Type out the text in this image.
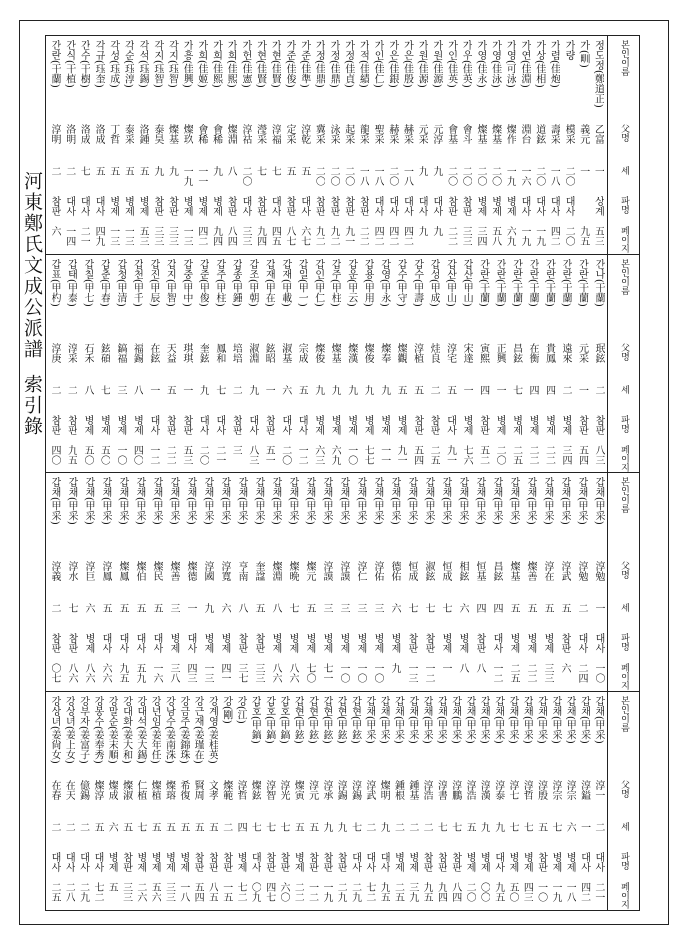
河東鄭氏文成公派譜
索引錄
본인이름
父명
세
파명
페이지
정도정(鄭道正)
乙富
一
상계
五三
가(甽)
義元
一
九五
가량
模采
二〇
대사
二〇
가렴(佳炮)
壽采
一八
대사
四二
가상(佳相)
道鉉
二〇
대사
一九
가연(佳淵)
淵台
一六
대사
一九
가영(可泳)
燦作
一九
병제
六九
가영(佳泳)
燦基
二〇
병제
五八
가영(佳永)
燦基
二〇
병제
三四
가우(佳英)
會斗
二〇
참판
三三
가인(佳英)
會基
二〇
참판
二二
가원(佳源)
元淳
九
대사
九
가원(佳源)
元采
九
대사
九
가은(佳殷)
赫采
一八
대사
四二
가은(佳銀)
赫采
二〇
대사
四二
가인(佳仁)
聖采
一八
대사
四二
가적(佳績)
龍采
一八
참판
二二
가정(佳貞)
起采
二〇
참판
九一
가정(佳鼎)
泳采
二〇
참판
九二
가정(佳鼎)
冀采
二〇
참판
九二
가준(佳準)
淳乾
五
대사
六七
가준(佳俊)
定采
五
참판
八七
가현(佳賢)
淳福
七
대사
四五
가현(佳賢)
瀅采
七
참판
九四
가헌(佳憲)
淳祜
二〇
대사
三三
가희(佳熙)
燦淵
八
참판
八四
가희(佳熙)
會稀
九
병제
九四
가희(佳姬)
會稀
一一
병제
四二
가흥(佳興)
燦玖
一九
병제
一三
각지(珏智)
燦基
九
참판
三三
각지(珏智)
泰昊
九
참판
三三
각석(珏錫)
洛鍾
五
병제
五三
각순(珏淳)
泰采
五
병제
一三
각성(珏成)
丁哲
五
병제
一三
각규(珏奎)
洛成
五
대사
四九
간수(干樹)
洛成
七
대사
二一
간식(干植)
洛明
二
대사
一四
간란(干蘭)
淳明
二
참판
六
본인이름
父명
세
파명
페이지
간나(干蘭)
珉鉉
二
참판
八三
간란(干蘭)
元采
一
참판
五四
간란(干蘭)
遠來
二
병제
三四
간란(干蘭)
貴鳳
四
병제
二二
간란(干蘭)
在衡
四
병제
二二
간란(干蘭)
昌鉉
七
병제
二五
간란(干蘭)
正興
一
병제
二〇
간란(干蘭)
寅熙
四
참판
五二
갑산(甲山)
宋達
一
병제
七六
갑산(甲山)
淳宅
五
대사
九一
갑성(甲成)
烓良
二
참판
二五
갑수(甲壽)
淳植
五
참판
五四
갑수(甲守)
燦觀
五
병제
九一
갑영(甲永)
燦奉
九
병제
一一
갑용(甲用)
燦俊
九
병제
七七
갑운(甲云)
燦漢
九
병제
一〇
갑주(甲柱)
燦基
九
병제
六九
갑인(甲仁)
燦俊
九
병제
六三
갑일(甲一)
宗成
五
대사
一二
갑재(甲載)
淑基
六
대사
二〇
갑재(甲在)
鉉昭
一
참판
五一
갑조(甲朝)
淑淵
九
대사
八三
갑종(甲鍾)
培培
二
참판
三
갑주(甲柱)
鳳和
七
대사
二一
갑준(甲俊)
奎鉉
九
대사
二〇
갑중(甲中)
琪琪
一
참판
五三
갑지(甲智)
天益
五
참판
二二
갑진(甲辰)
在鉉
一
대사
一二
갑천(甲千)
福錫
八
병제
四〇
갑청(甲清)
鎬福
三
병제
一〇
갑춘(甲春)
鉉碩
七
병제
五〇
갑칠(甲七)
石禾
八
병제
五〇
갑태(甲泰)
淳采
二
참판
九五
갑표(甲杓)
淳庚
二
참판
四〇
본인이름
父명
세
파명
페이지
갑채(甲采)
淳勉
一
대사
一〇
갑채(甲采)
淳勉
二
대사
二四
갑채(甲采)
淳武
五
참판
六
갑채(甲采)
淳在
五
병제
三三
갑채(甲采)
燦善
五
병제
二二
갑채(甲采)
燦基
五
병제
二五
갑채(甲采)
昌鉉
四
대사
一二
갑채(甲采)
恒基
四
참판
八
갑채(甲采)
相鉉
六
병제
八
갑채(甲采)
恒成
七
병제
一
갑채(甲采)
淑鉉
七
참판
一二
갑채(甲采)
恒成
七
참판
一三
갑채(甲采)
德佑
六
병제
九
갑채(甲采)
淳佑
三
병제
一〇
갑채(甲采)
淳仁
三
병제
一〇
갑채(甲采)
淳謨
三
병제
一〇
갑채(甲采)
淳謨
三
병제
七一
갑채(甲采)
燦元
五
병제
七〇
갑채(甲采)
燦晩
七
병제
八六
갑채(甲采)
燦淵
八
병제
八六
갑채(甲采)
奎諡
五
참판
三三
갑채(甲采)
亨南
八
참판
三七
갑채(甲采)
淳寬
六
병제
四一
갑채(甲采)
淳國
九
병제
一三
갑채(甲采)
燦德
一
대사
四三
갑채(甲采)
燦善
三
병제
三八
갑채(甲采)
燦民
五
대사
一六
갑채(甲采)
燦伯
五
대사
五九
갑채(甲采)
燦鳳
五
대사
九五
갑채(甲采)
淳鳳
五
대사
六六
갑채(甲采)
淳巨
六
병제
八六
갑채(甲采)
淳水
七
참판
八六
갑채(甲采)
淳義
二
참판
〇七
본인이름
父명
세
파명
페이지
갑채(甲采)
淳一
二
대사
二一
갑채(甲采)
淳鎰
一
대사
四二
갑채(甲采)
淳宗
六
병제
一八
갑채(甲采)
淳宗
七
병제
一九
갑채(甲采)
淳殷
五
참판
一〇
갑채(甲采)
淳哲
七
병제
四三
갑채(甲采)
淳七
七
병제
五〇
갑채(甲采)
淳泰
九
대사
九五
갑채(甲采)
淳漢
九
병제
〇〇
갑채(甲采)
淳浩
五
병제
二〇
갑채(甲采)
淳鵬
七
참판
八四
갑채(甲采)
淳書
七
참판
九四
갑채(甲采)
淳浩
二
참판
九五
갑채(甲采)
鍾基
二
병제
三九
갑채(甲采)
鍾根
二
병제
二五
갑채(甲采)
燦明
九
대사
九五
갑채(甲采)
淳武
二
대사
七二
갑현(甲鉉)
淳錫
七
대사
二九
갑현(甲鉉)
淳錫
九
참판
二九
갑현(甲鉉)
淳承
九
참판
一九
갑현(甲鉉)
淳元
五
참판
一二
갑현(甲鉉)
燦寅
五
병제
二二
갑호(甲鎬)
淳光
七
참판
六〇
갑호(甲鎬)
淳智
七
참판
四七
갑호(甲鎬)
燦鉉
七
대사
〇九
강(江)
淳哲
四
병제
七二
강(剛)
燦範
二
참판
一五
강계영(姜桂英)
文孝
五
참판
八五
강근재(姜瑾在)
賢周
五
참판
五四
강금주(姜錦珠)
希復
五
병제
一八
강남수(姜南洙)
燦瑢
五
병제
三三
강년임(姜年任)
燦植
五
병제
五六
강대석(姜大錫)
仁植
七
병제
二六
강대화(姜大和)
燦淑
五
참판
三三
강말순(姜末順)
燦成
六
병제
五
강봉수(姜奉秀)
燦淳
五
대사
七二
강부자(姜富子)
億錫
二
대사
二九
강상녀(姜上女)
在天
二
대사
二八
강상녀(姜尙女)
在春
二
대사
二五
